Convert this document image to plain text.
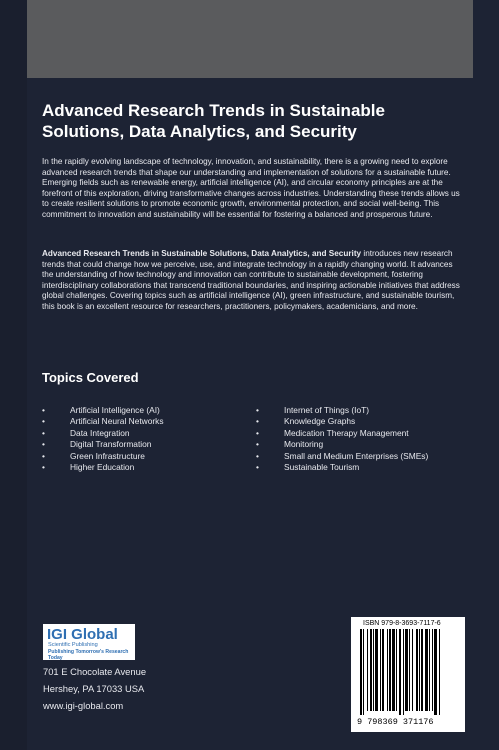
Advanced Research Trends in Sustainable
Solutions, Data Analytics, and Security
In the rapidly evolving landscape of technology, innovation, and sustainability, there is a growing need to explore advanced research trends that shape our understanding and implementation of solutions for a sustainable future. Emerging fields such as renewable energy, artificial intelligence (AI), and circular economy principles are at the forefront of this exploration, driving transformative changes across industries. Understanding these trends allows us to create resilient solutions to promote economic growth, environmental protection, and social well-being. This commitment to innovation and sustainability will be essential for fostering a balanced and prosperous future.
Advanced Research Trends in Sustainable Solutions, Data Analytics, and Security introduces new research trends that could change how we perceive, use, and integrate technology in a rapidly changing world. It advances the understanding of how technology and innovation can contribute to sustainable development, fostering interdisciplinary collaborations that transcend traditional boundaries, and inspiring actionable initiatives that address global challenges. Covering topics such as artificial intelligence (AI), green infrastructure, and sustainable tourism, this book is an excellent resource for researchers, practitioners, policymakers, academicians, and more.
Topics Covered
•	Artificial Intelligence (AI)
•	Artificial Neural Networks
•	Data Integration
•	Digital Transformation
•	Green Infrastructure
•	Higher Education
•	Internet of Things (IoT)
•	Knowledge Graphs
•	Medication Therapy Management
•	Monitoring
•	Small and Medium Enterprises (SMEs)
•	Sustainable Tourism
IGI Global
Scientific Publishing
Publishing Tomorrow's Research Today
701 E Chocolate Avenue
Hershey, PA 17033 USA
www.igi-global.com
ISBN 979-8-3693-7117-6
9 798369 371176
